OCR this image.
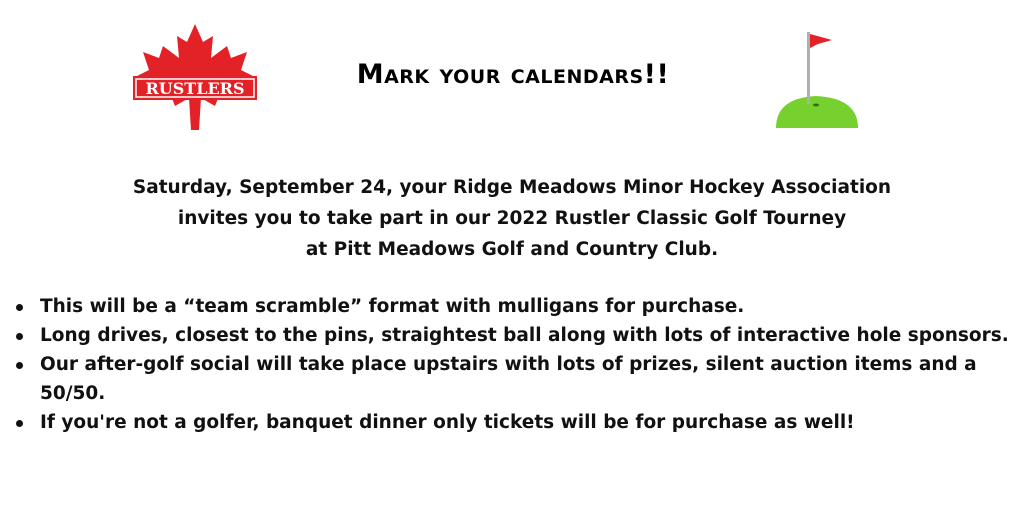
RUSTLERS	Mark your calendars!!
Saturday, September 24, your Ridge Meadows Minor Hockey Association
invites you to take part in our 2022 Rustler Classic Golf Tourney
at Pitt Meadows Golf and Country Club.
This will be a “team scramble” format with mulligans for purchase.
Long drives, closest to the pins, straightest ball along with lots of interactive hole sponsors.
Our after-golf social will take place upstairs with lots of prizes, silent auction items and a 50/50.
If you're not a golfer, banquet dinner only tickets will be for purchase as well!
